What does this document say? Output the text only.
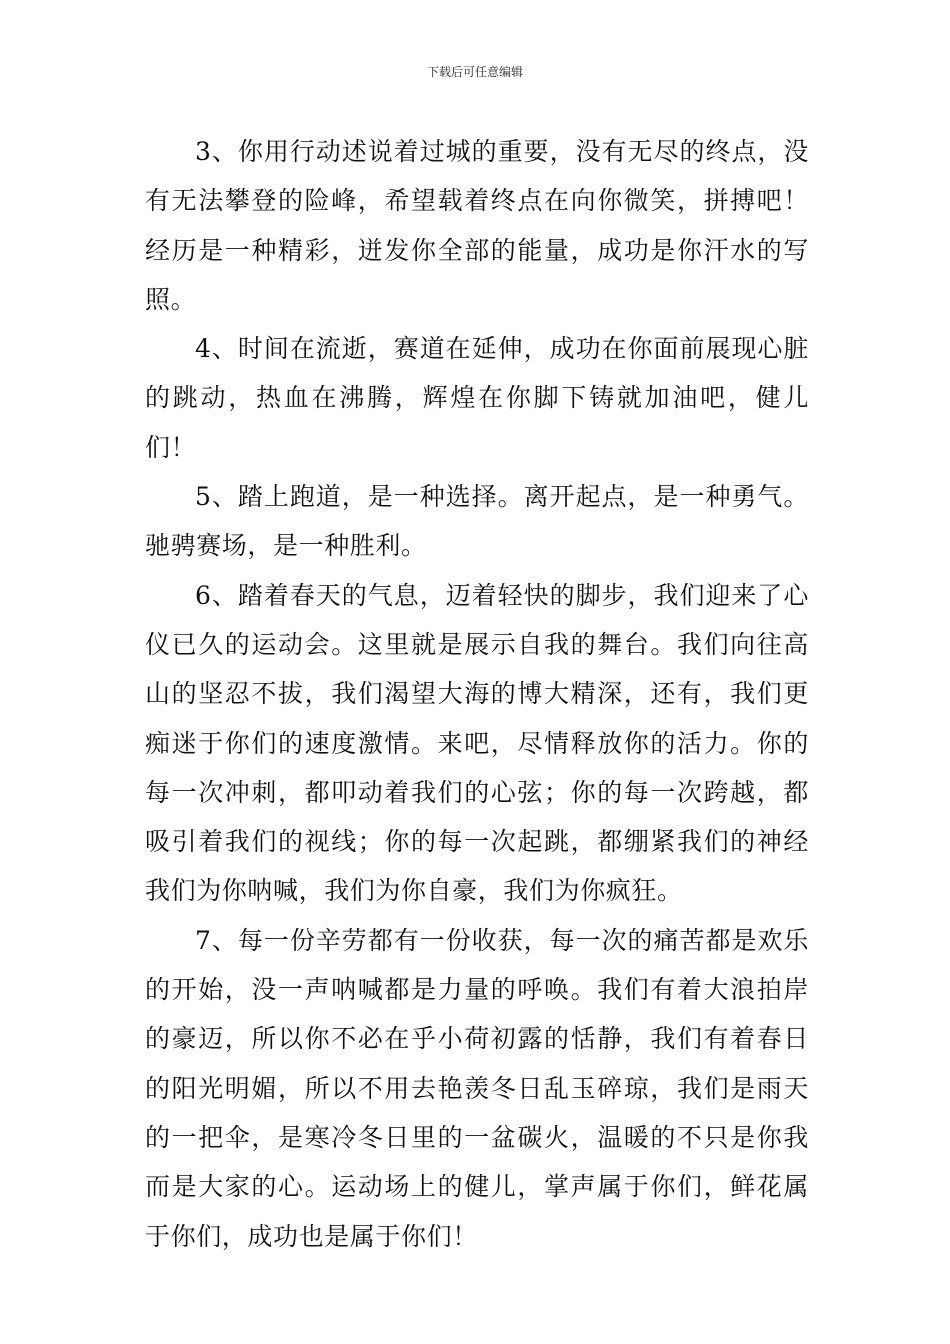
下载后可任意编辑

3、你用行动述说着过城的重要，没有无尽的终点，没有无法攀登的险峰，希望载着终点在向你微笑，拼搏吧！经历是一种精彩，迸发你全部的能量，成功是你汗水的写照。

4、时间在流逝，赛道在延伸，成功在你面前展现心脏的跳动，热血在沸腾，辉煌在你脚下铸就加油吧，健儿们！

5、踏上跑道，是一种选择。离开起点，是一种勇气。驰骋赛场，是一种胜利。

6、踏着春天的气息，迈着轻快的脚步，我们迎来了心仪已久的运动会。这里就是展示自我的舞台。我们向往高山的坚忍不拔，我们渴望大海的博大精深，还有，我们更痴迷于你们的速度激情。来吧，尽情释放你的活力。你的每一次冲刺，都叩动着我们的心弦；你的每一次跨越，都吸引着我们的视线；你的每一次起跳，都绷紧我们的神经我们为你呐喊，我们为你自豪，我们为你疯狂。

7、每一份辛劳都有一份收获，每一次的痛苦都是欢乐的开始，没一声呐喊都是力量的呼唤。我们有着大浪拍岸的豪迈，所以你不必在乎小荷初露的恬静，我们有着春日的阳光明媚，所以不用去艳羡冬日乱玉碎琼，我们是雨天的一把伞，是寒冷冬日里的一盆碳火，温暖的不只是你我而是大家的心。运动场上的健儿，掌声属于你们，鲜花属于你们，成功也是属于你们！
